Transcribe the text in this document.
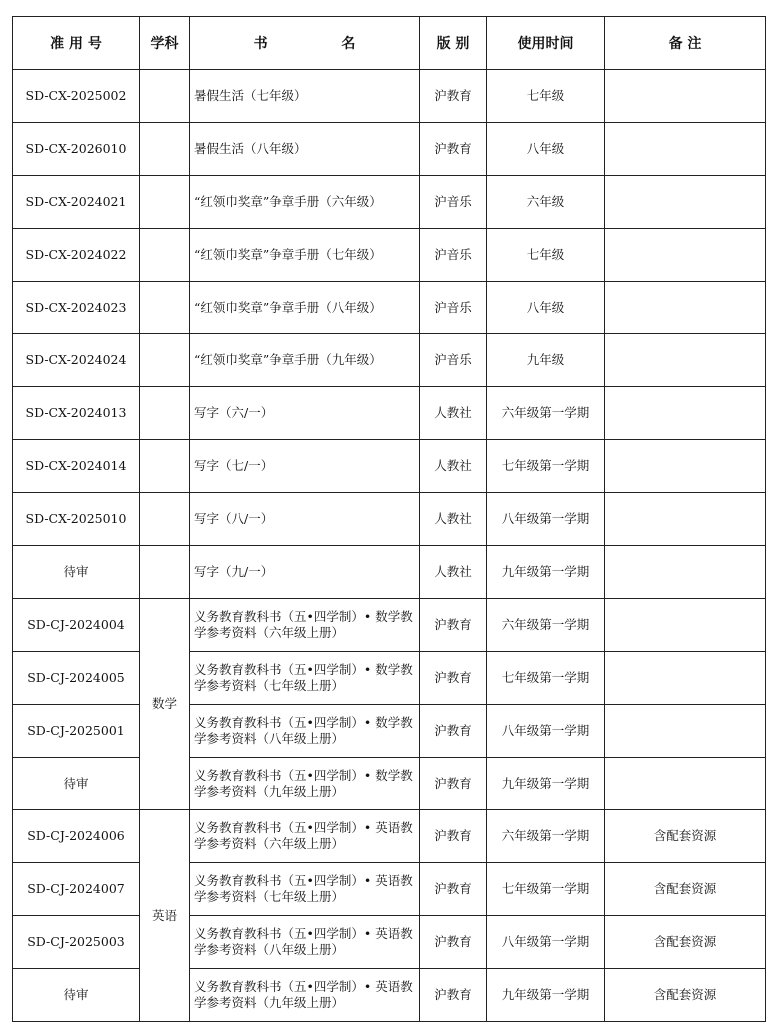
准 用 号	学科	书 名	版 别	使用时间	备 注
SD-CX-2025002		暑假生活（七年级）	沪教育	七年级	
SD-CX-2026010		暑假生活（八年级）	沪教育	八年级	
SD-CX-2024021		“红领巾奖章”争章手册（六年级）	沪音乐	六年级	
SD-CX-2024022		“红领巾奖章”争章手册（七年级）	沪音乐	七年级	
SD-CX-2024023		“红领巾奖章”争章手册（八年级）	沪音乐	八年级	
SD-CX-2024024		“红领巾奖章”争章手册（九年级）	沪音乐	九年级	
SD-CX-2024013		写字（六/一）	人教社	六年级第一学期	
SD-CX-2024014		写字（七/一）	人教社	七年级第一学期	
SD-CX-2025010		写字（八/一）	人教社	八年级第一学期	
待审		写字（九/一）	人教社	九年级第一学期	
SD-CJ-2024004	数学	义务教育教科书（五•四学制）• 数学教学参考资料（六年级上册）	沪教育	六年级第一学期	
SD-CJ-2024005		义务教育教科书（五•四学制）• 数学教学参考资料（七年级上册）	沪教育	七年级第一学期	
SD-CJ-2025001		义务教育教科书（五•四学制）• 数学教学参考资料（八年级上册）	沪教育	八年级第一学期	
待审		义务教育教科书（五•四学制）• 数学教学参考资料（九年级上册）	沪教育	九年级第一学期	
SD-CJ-2024006	英语	义务教育教科书（五•四学制）• 英语教学参考资料（六年级上册）	沪教育	六年级第一学期	含配套资源
SD-CJ-2024007		义务教育教科书（五•四学制）• 英语教学参考资料（七年级上册）	沪教育	七年级第一学期	含配套资源
SD-CJ-2025003		义务教育教科书（五•四学制）• 英语教学参考资料（八年级上册）	沪教育	八年级第一学期	含配套资源
待审		义务教育教科书（五•四学制）• 英语教学参考资料（九年级上册）	沪教育	九年级第一学期	含配套资源
